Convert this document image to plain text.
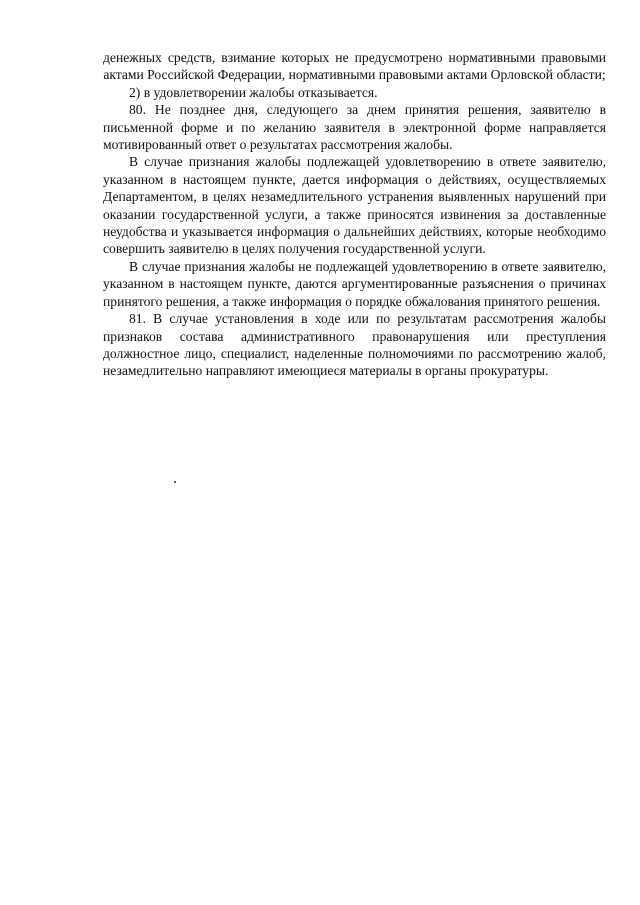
денежных средств, взимание которых не предусмотрено нормативными правовыми актами Российской Федерации, нормативными правовыми актами Орловской области;

2) в удовлетворении жалобы отказывается.

80. Не позднее дня, следующего за днем принятия решения, заявителю в письменной форме и по желанию заявителя в электронной форме направляется мотивированный ответ о результатах рассмотрения жалобы.

В случае признания жалобы подлежащей удовлетворению в ответе заявителю, указанном в настоящем пункте, дается информация о действиях, осуществляемых Департаментом, в целях незамедлительного устранения выявленных нарушений при оказании государственной услуги, а также приносятся извинения за доставленные неудобства и указывается информация о дальнейших действиях, которые необходимо совершить заявителю в целях получения государственной услуги.

В случае признания жалобы не подлежащей удовлетворению в ответе заявителю, указанном в настоящем пункте, даются аргументированные разъяснения о причинах принятого решения, а также информация о порядке обжалования принятого решения.

81. В случае установления в ходе или по результатам рассмотрения жалобы признаков состава административного правонарушения или преступления должностное лицо, специалист, наделенные полномочиями по рассмотрению жалоб, незамедлительно направляют имеющиеся материалы в органы прокуратуры.
